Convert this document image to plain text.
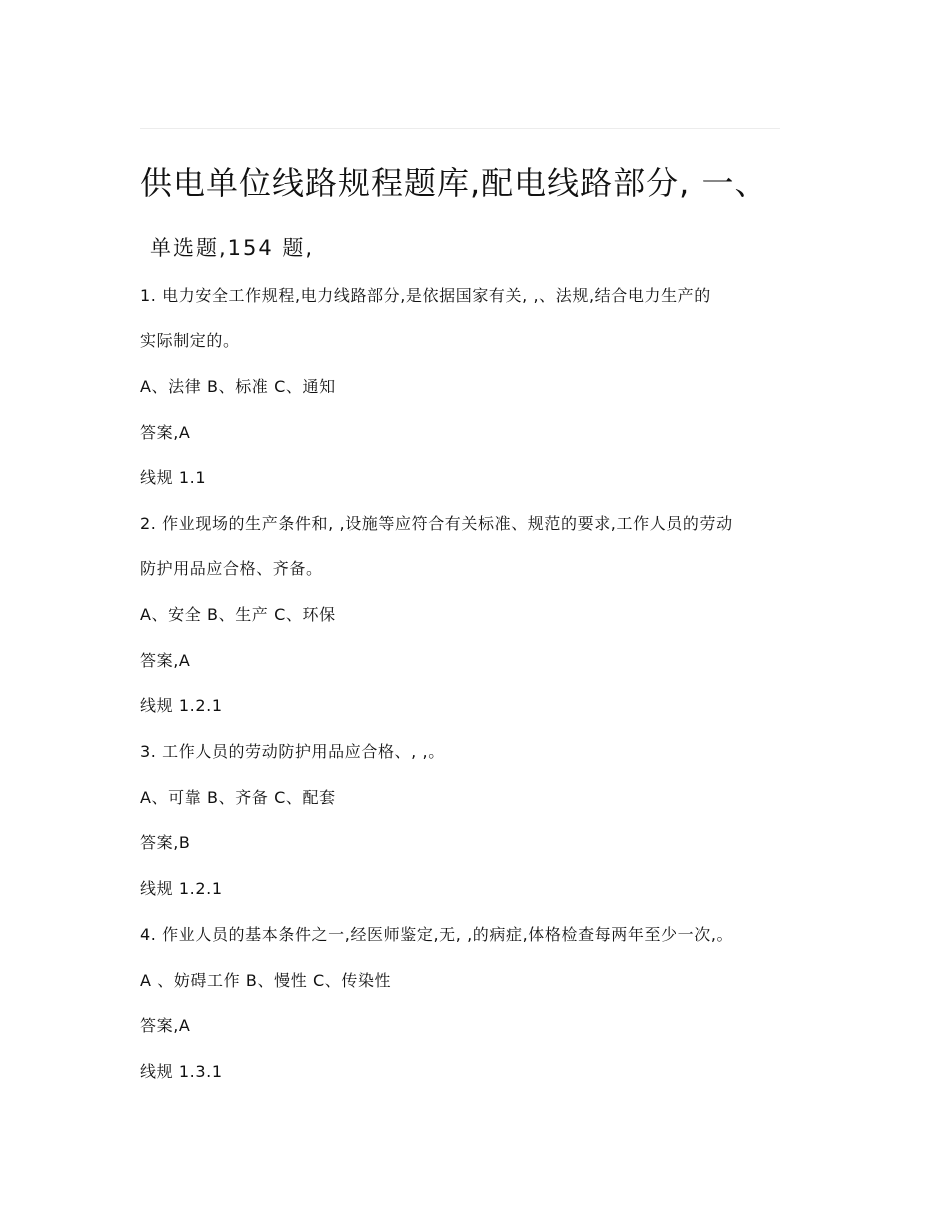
供电单位线路规程题库,配电线路部分, 一、
单选题,154 题,
1. 电力安全工作规程,电力线路部分,是依据国家有关, ,、法规,结合电力生产的
实际制定的。
A、法律 B、标准 C、通知
答案,A
线规 1.1
2. 作业现场的生产条件和, ,设施等应符合有关标准、规范的要求,工作人员的劳动
防护用品应合格、齐备。
A、安全 B、生产 C、环保
答案,A
线规 1.2.1
3. 工作人员的劳动防护用品应合格、, ,。
A、可靠 B、齐备 C、配套
答案,B
线规 1.2.1
4. 作业人员的基本条件之一,经医师鉴定,无, ,的病症,体格检查每两年至少一次,。
A 、妨碍工作 B、慢性 C、传染性
答案,A
线规 1.3.1
